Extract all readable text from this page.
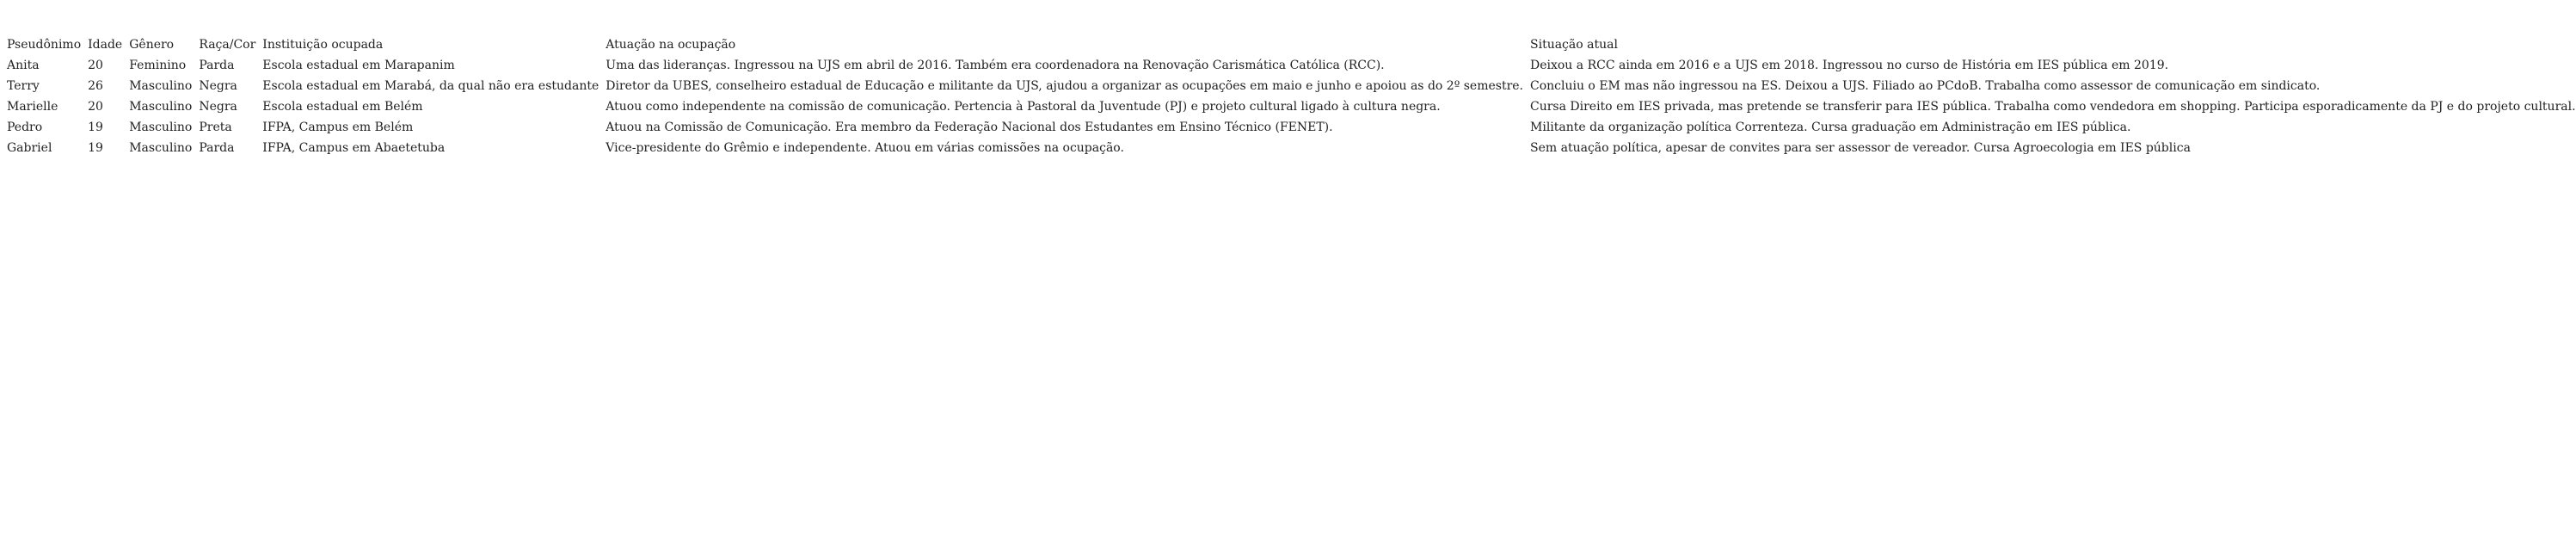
Pseudônimo	Idade	Gênero	Raça/Cor	Instituição ocupada	Atuação na ocupação	Situação atual
Anita	20	Feminino	Parda	Escola estadual em Marapanim	Uma das lideranças. Ingressou na UJS em abril de 2016. Também era coordenadora na Renovação Carismática Católica (RCC).	Deixou a RCC ainda em 2016 e a UJS em 2018. Ingressou no curso de História em IES pública em 2019.
Terry	26	Masculino	Negra	Escola estadual em Marabá, da qual não era estudante	Diretor da UBES, conselheiro estadual de Educação e militante da UJS, ajudou a organizar as ocupações em maio e junho e apoiou as do 2º semestre.	Concluiu o EM mas não ingressou na ES. Deixou a UJS. Filiado ao PCdoB. Trabalha como assessor de comunicação em sindicato.
Marielle	20	Masculino	Negra	Escola estadual em Belém	Atuou como independente na comissão de comunicação. Pertencia à Pastoral da Juventude (PJ) e projeto cultural ligado à cultura negra.	Cursa Direito em IES privada, mas pretende se transferir para IES pública. Trabalha como vendedora em shopping. Participa esporadicamente da PJ e do projeto cultural.
Pedro	19	Masculino	Preta	IFPA, Campus em Belém	Atuou na Comissão de Comunicação. Era membro da Federação Nacional dos Estudantes em Ensino Técnico (FENET).	Militante da organização política Correnteza. Cursa graduação em Administração em IES pública.
Gabriel	19	Masculino	Parda	IFPA, Campus em Abaetetuba	Vice-presidente do Grêmio e independente. Atuou em várias comissões na ocupação.	Sem atuação política, apesar de convites para ser assessor de vereador. Cursa Agroecologia em IES pública
